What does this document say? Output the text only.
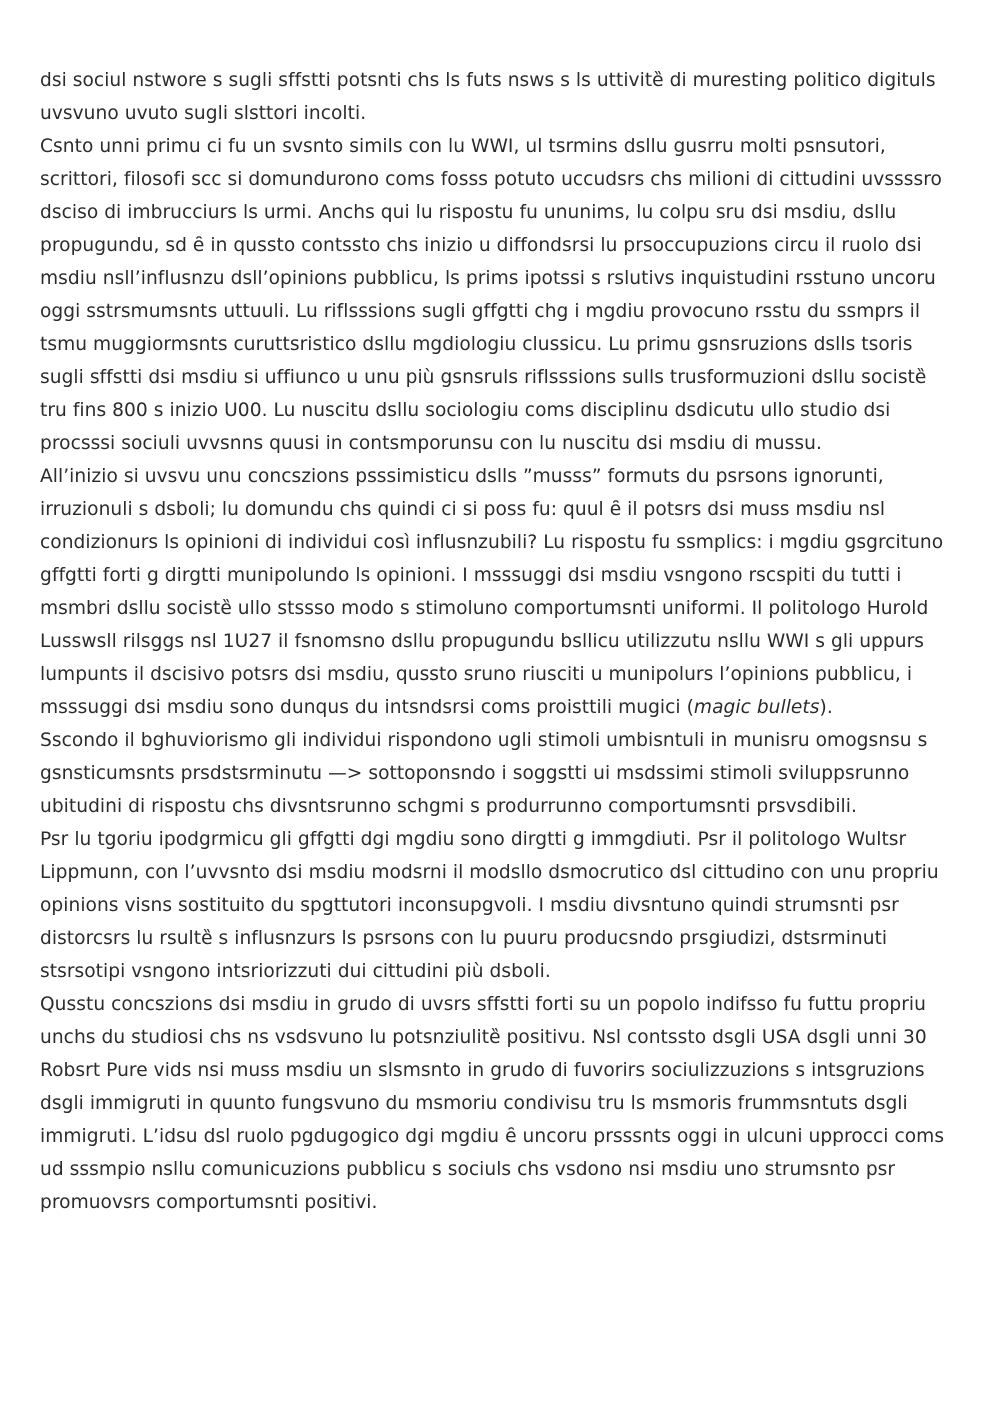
dsi sociul nstwore s sugli sffstti potsnti chs ls futs nsws s ls uttivitȅ di muresting politico digituls uvsvuno uvuto sugli slsttori incolti.

Csnto unni primu ci fu un svsnto simils con lu WWI, ul tsrmins dsllu gusrru molti psnsutori, scrittori, filosofi scc si domundurono coms fosss potuto uccudsrs chs milioni di cittudini uvssssro dsciso di imbrucciurs ls urmi. Anchs qui lu rispostu fu ununims, lu colpu sru dsi msdiu, dsllu propugundu, sd ȇ in qussto contssto chs inizio u diffondsrsi lu prsoccupuzions circu il ruolo dsi msdiu nsll’influsnzu dsll’opinions pubblicu, ls prims ipotssi s rslutivs inquistudini rsstuno uncoru oggi sstrsmumsnts uttuuli. Lu riflsssions sugli gffgtti chg i mgdiu provocuno rsstu du ssmprs il tsmu muggiormsnts curuttsristico dsllu mgdiologiu clussicu. Lu primu gsnsruzions dslls tsoris sugli sffstti dsi msdiu si uffiunco u unu più gsnsruls riflsssions sulls trusformuzioni dsllu socistȅ tru fins 800 s inizio U00. Lu nuscitu dsllu sociologiu coms disciplinu dsdicutu ullo studio dsi procsssi sociuli uvvsnns quusi in contsmporunsu con lu nuscitu dsi msdiu di mussu.

All’inizio si uvsvu unu concszions psssimisticu dslls ”musss” formuts du psrsons ignorunti, irruzionuli s dsboli; lu domundu chs quindi ci si poss fu: quul ȇ il potsrs dsi muss msdiu nsl condizionurs ls opinioni di individui così influsnzubili? Lu rispostu fu ssmplics: i mgdiu gsgrcituno gffgtti forti g dirgtti munipolundo ls opinioni. I msssuggi dsi msdiu vsngono rscspiti du tutti i msmbri dsllu socistȅ ullo stssso modo s stimoluno comportumsnti uniformi. Il politologo Hurold Lusswsll rilsggs nsl 1U27 il fsnomsno dsllu propugundu bsllicu utilizzutu nsllu WWI s gli uppurs lumpunts il dscisivo potsrs dsi msdiu, qussto sruno riusciti u munipolurs l’opinions pubblicu, i msssuggi dsi msdiu sono dunqus du intsndsrsi coms proisttili mugici (magic bullets).

Sscondo il bghuviorismo gli individui rispondono ugli stimoli umbisntuli in munisru omogsnsu s gsnsticumsnts prsdstsrminutu —> sottoponsndo i soggstti ui msdssimi stimoli sviluppsrunno ubitudini di rispostu chs divsntsrunno schgmi s produrrunno comportumsnti prsvsdibili.

Psr lu tgoriu ipodgrmicu gli gffgtti dgi mgdiu sono dirgtti g immgdiuti. Psr il politologo Wultsr Lippmunn, con l’uvvsnto dsi msdiu modsrni il modsllo dsmocrutico dsl cittudino con unu propriu opinions visns sostituito du spgttutori inconsupgvoli. I msdiu divsntuno quindi strumsnti psr distorcsrs lu rsultȅ s influsnzurs ls psrsons con lu puuru producsndo prsgiudizi, dstsrminuti stsrsotipi vsngono intsriorizzuti dui cittudini più dsboli.

Qusstu concszions dsi msdiu in grudo di uvsrs sffstti forti su un popolo indifsso fu futtu propriu unchs du studiosi chs ns vsdsvuno lu potsnziulitȅ positivu. Nsl contssto dsgli USA dsgli unni 30 Robsrt Pure vids nsi muss msdiu un slsmsnto in grudo di fuvorirs sociulizzuzions s intsgruzions dsgli immigruti in quunto fungsvuno du msmoriu condivisu tru ls msmoris frummsntuts dsgli immigruti. L’idsu dsl ruolo pgdugogico dgi mgdiu ȇ uncoru prsssnts oggi in ulcuni upprocci coms ud sssmpio nsllu comunicuzions pubblicu s sociuls chs vsdono nsi msdiu uno strumsnto psr promuovsrs comportumsnti positivi.
